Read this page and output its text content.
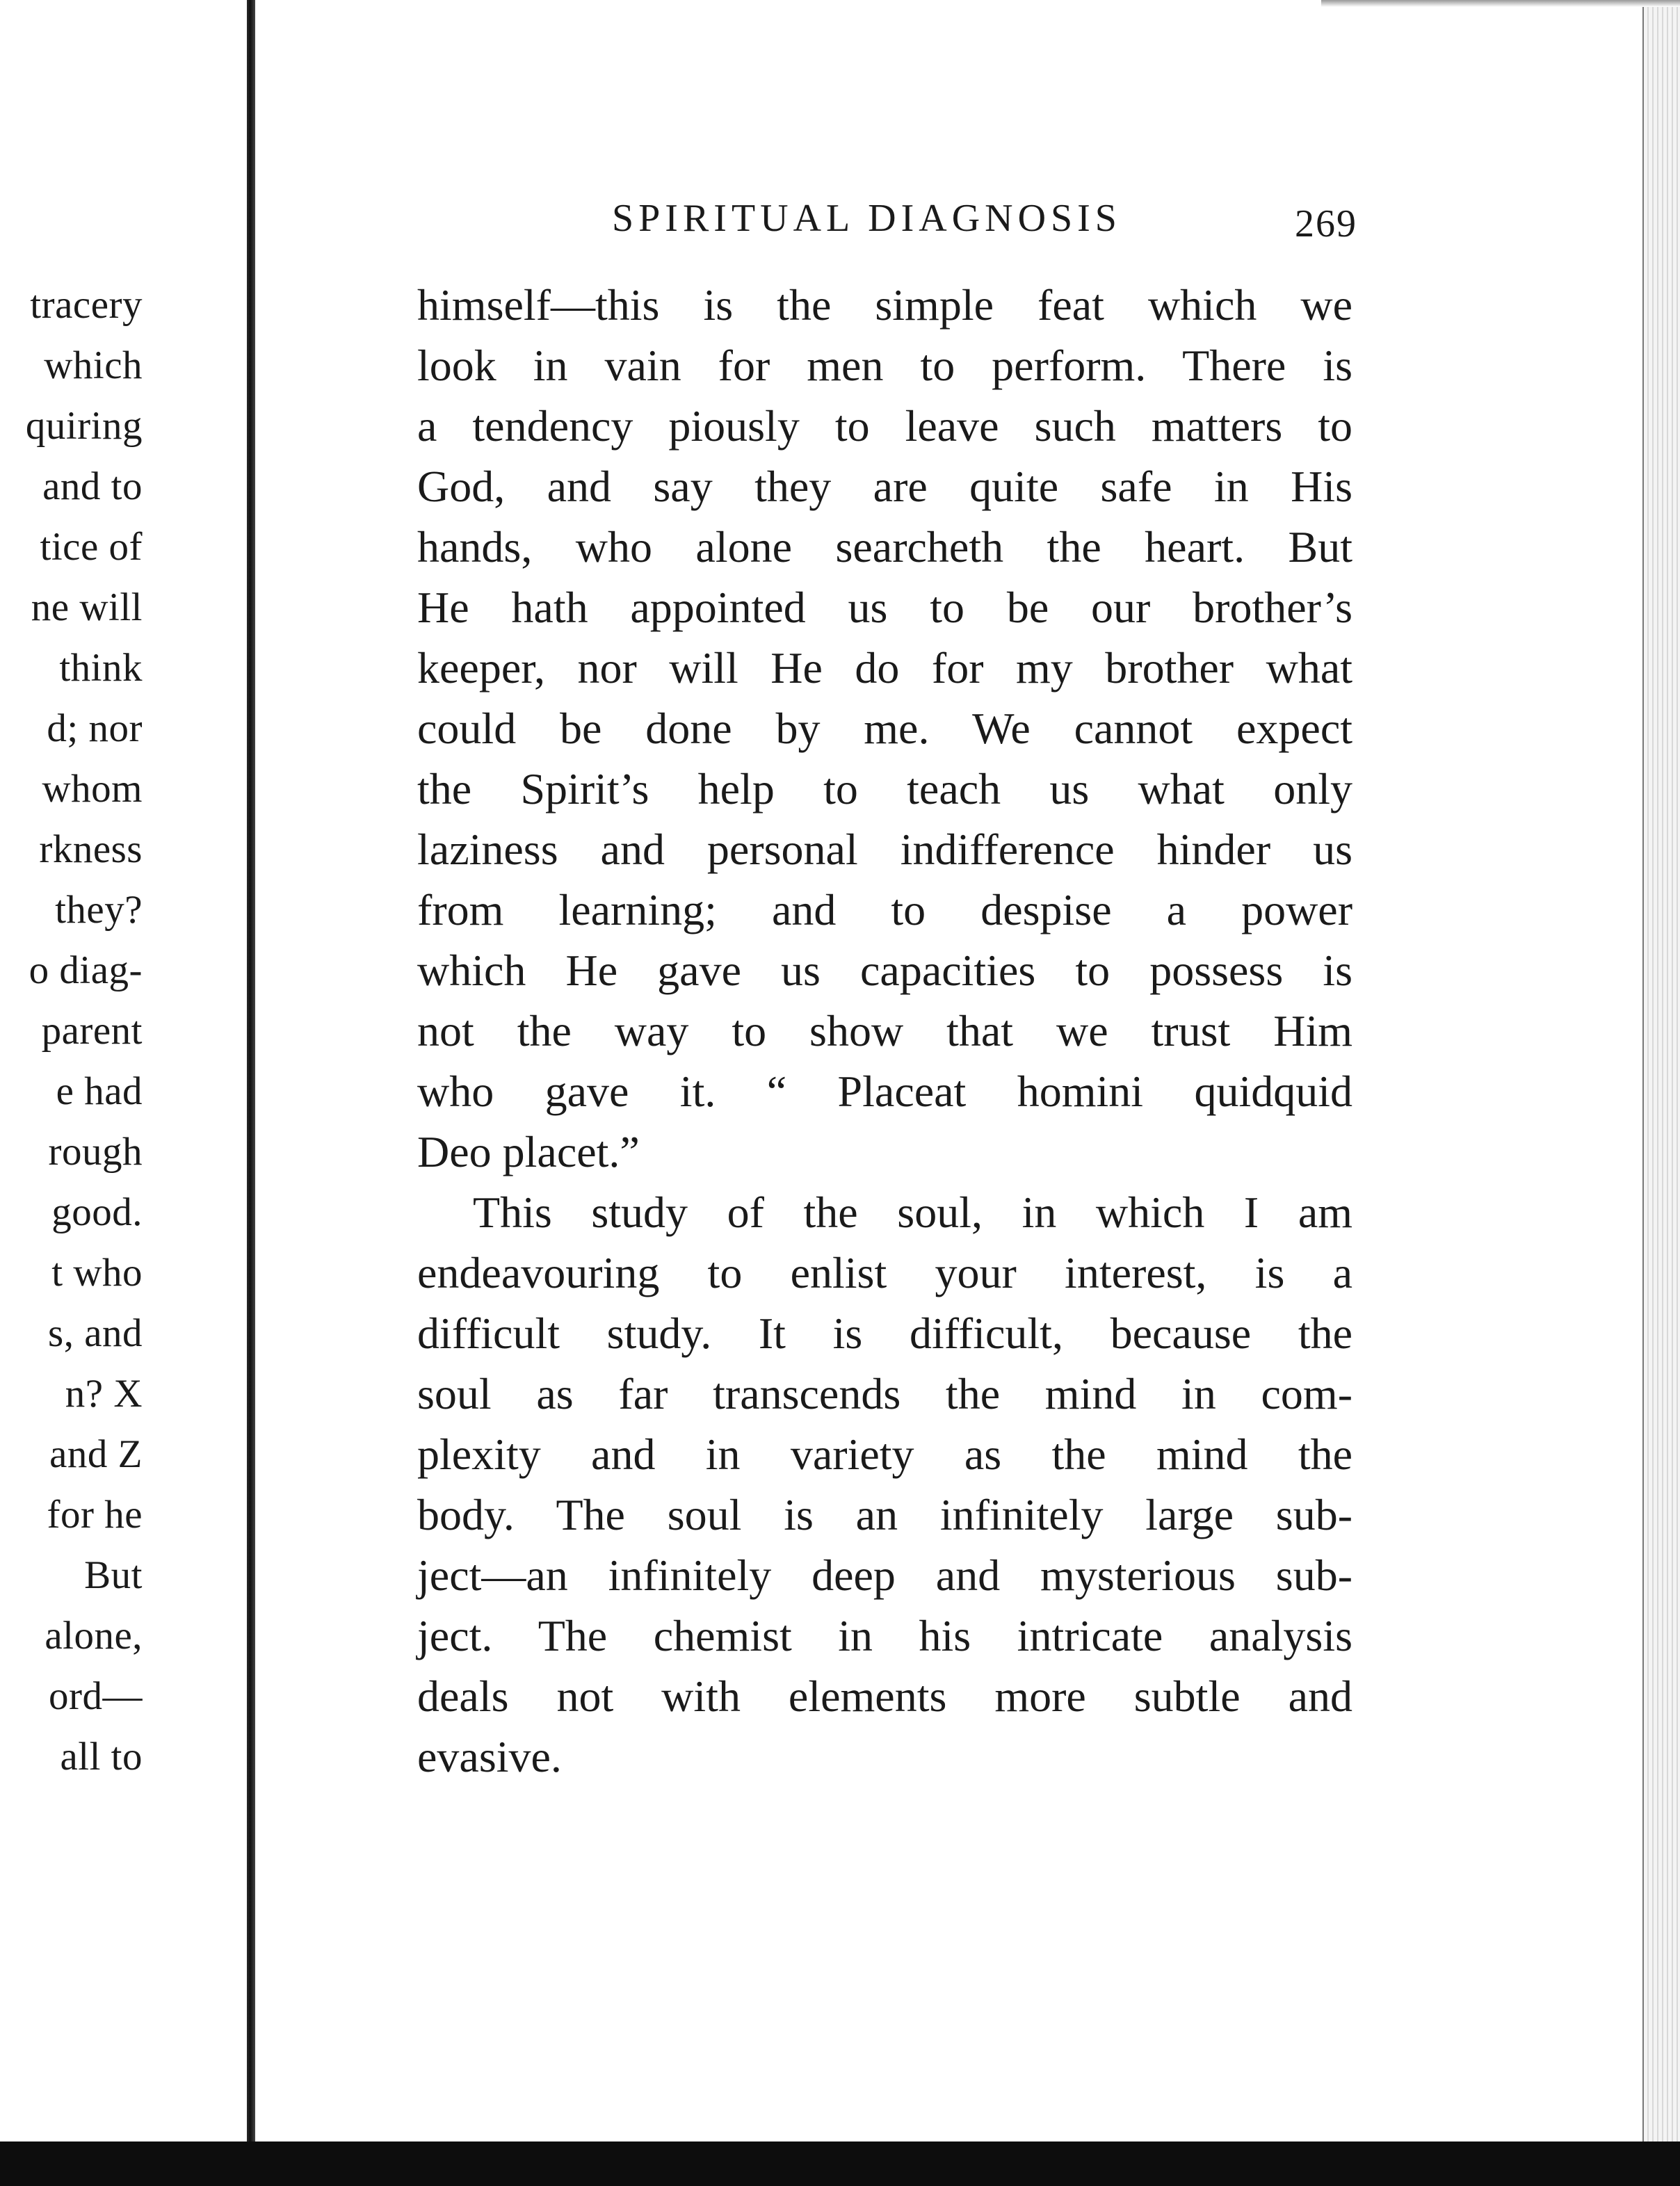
tracery
which
quiring
and to
tice of
ne will
think
d; nor
whom
rkness
they?
o diag-
parent
e had
rough
good.
t who
s, and
n? X
and Z
for he
But
alone,
ord—
all to
SPIRITUAL DIAGNOSIS	269
himself—this is the simple feat which we
look in vain for men to perform. There is
a tendency piously to leave such matters to
God, and say they are quite safe in His
hands, who alone searcheth the heart. But
He hath appointed us to be our brother’s
keeper, nor will He do for my brother what
could be done by me. We cannot expect
the Spirit’s help to teach us what only
laziness and personal indifference hinder us
from learning; and to despise a power
which He gave us capacities to possess is
not the way to show that we trust Him
who gave it. “ Placeat homini quidquid
Deo placet.”
This study of the soul, in which I am
endeavouring to enlist your interest, is a
difficult study. It is difficult, because the
soul as far transcends the mind in com-
plexity and in variety as the mind the
body. The soul is an infinitely large sub-
ject—an infinitely deep and mysterious sub-
ject. The chemist in his intricate analysis
deals not with elements more subtle and
evasive.
